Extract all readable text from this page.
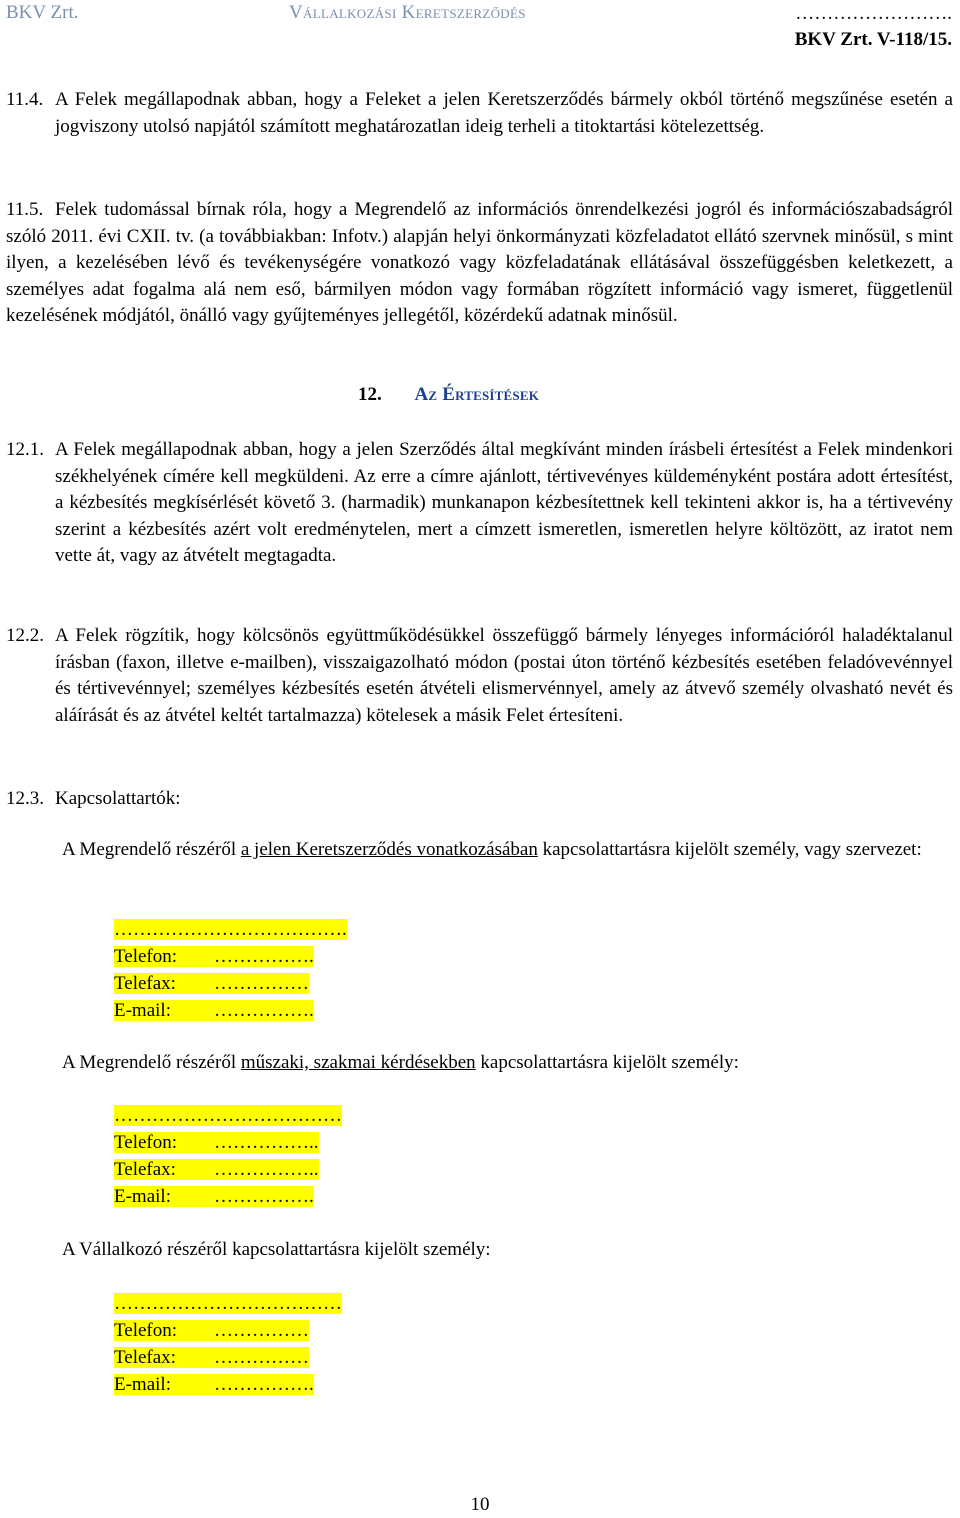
BKV Zrt.	Vállalkozási Keretszerződés	…………………….
BKV Zrt. V-118/15.
11.4. A Felek megállapodnak abban, hogy a Feleket a jelen Keretszerződés bármely okból történő megszűnése esetén a jogviszony utolsó napjától számított meghatározatlan ideig terheli a titoktartási kötelezettség.
11.5. Felek tudomással bírnak róla, hogy a Megrendelő az információs önrendelkezési jogról és információszabadságról szóló 2011. évi CXII. tv. (a továbbiakban: Infotv.) alapján helyi önkormányzati közfeladatot ellátó szervnek minősül, s mint ilyen, a kezelésében lévő és tevékenységére vonatkozó vagy közfeladatának ellátásával összefüggésben keletkezett, a személyes adat fogalma alá nem eső, bármilyen módon vagy formában rögzített információ vagy ismeret, függetlenül kezelésének módjától, önálló vagy gyűjteményes jellegétől, közérdekű adatnak minősül.
12. Az Értesítések
12.1. A Felek megállapodnak abban, hogy a jelen Szerződés által megkívánt minden írásbeli értesítést a Felek mindenkori székhelyének címére kell megküldeni. Az erre a címre ajánlott, tértivevényes küldeményként postára adott értesítést, a kézbesítés megkísérlését követő 3. (harmadik) munkanapon kézbesítettnek kell tekinteni akkor is, ha a tértivevény szerint a kézbesítés azért volt eredménytelen, mert a címzett ismeretlen, ismeretlen helyre költözött, az iratot nem vette át, vagy az átvételt megtagadta.
12.2. A Felek rögzítik, hogy kölcsönös együttműködésükkel összefüggő bármely lényeges információról haladéktalanul írásban (faxon, illetve e-mailben), visszaigazolható módon (postai úton történő kézbesítés esetében feladóvevénnyel és tértivevénnyel; személyes kézbesítés esetén átvételi elismervénnyel, amely az átvevő személy olvasható nevét és aláírását és az átvétel keltét tartalmazza) kötelesek a másik Felet értesíteni.
12.3. Kapcsolattartók:
A Megrendelő részéről a jelen Keretszerződés vonatkozásában kapcsolattartásra kijelölt személy, vagy szervezet:
……………………………….
Telefon: …………….
Telefax: ……………
E-mail: …………….
A Megrendelő részéről műszaki, szakmai kérdésekben kapcsolattartásra kijelölt személy:
………………………………
Telefon: ……………..
Telefax: ……………..
E-mail: …………….
A Vállalkozó részéről kapcsolattartásra kijelölt személy:
………………………………
Telefon: ……………
Telefax: ……………
E-mail: …………….
10
